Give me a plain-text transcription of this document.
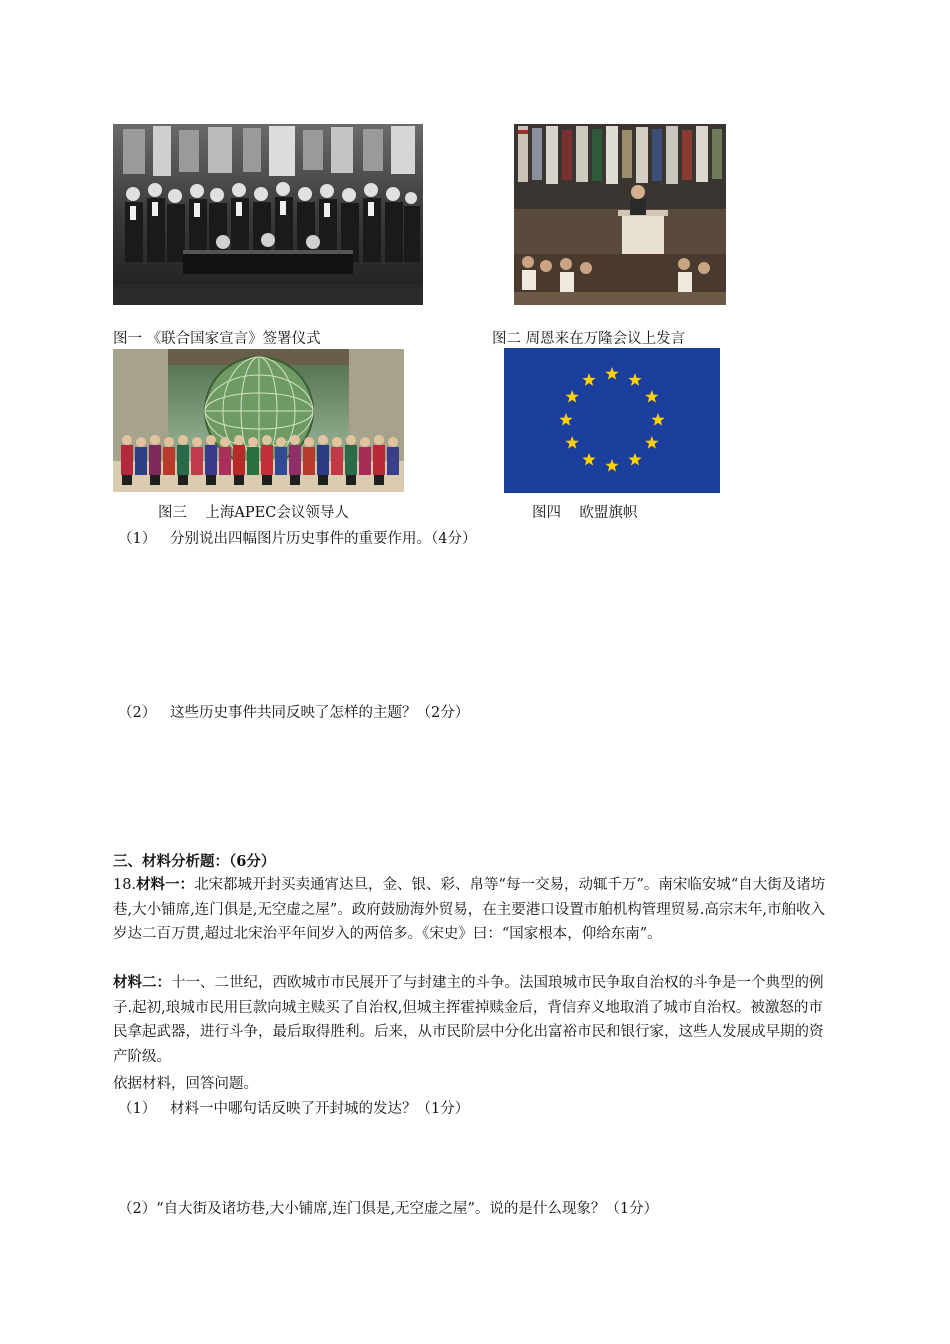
图一 《联合国家宣言》签署仪式	图二 周恩来在万隆会议上发言
图三    上海APEC会议领导人	图四    欧盟旗帜
（1）   分别说出四幅图片历史事件的重要作用。（4分）
（2）   这些历史事件共同反映了怎样的主题？（2分）
三、材料分析题：（6分）

18.材料一：北宋都城开封买卖通宵达旦，金、银、彩、帛等“每一交易，动辄千万”。南宋临安城“自大街及诸坊巷,大小铺席,连门俱是,无空虚之屋”。政府鼓励海外贸易，在主要港口设置市舶机构管理贸易.高宗末年,市舶收入岁达二百万贯,超过北宋治平年间岁入的两倍多。《宋史》曰：“国家根本，仰给东南”。

材料二：十一、二世纪，西欧城市市民展开了与封建主的斗争。法国琅城市民争取自治权的斗争是一个典型的例子.起初,琅城市民用巨款向城主赎买了自治权,但城主挥霍掉赎金后，背信弃义地取消了城市自治权。被激怒的市民拿起武器，进行斗争，最后取得胜利。后来，从市民阶层中分化出富裕市民和银行家，这些人发展成早期的资产阶级。

依据材料，回答问题。
（1）   材料一中哪句话反映了开封城的发达？（1分）
（2）“自大街及诸坊巷,大小铺席,连门俱是,无空虚之屋”。说的是什么现象？（1分）
